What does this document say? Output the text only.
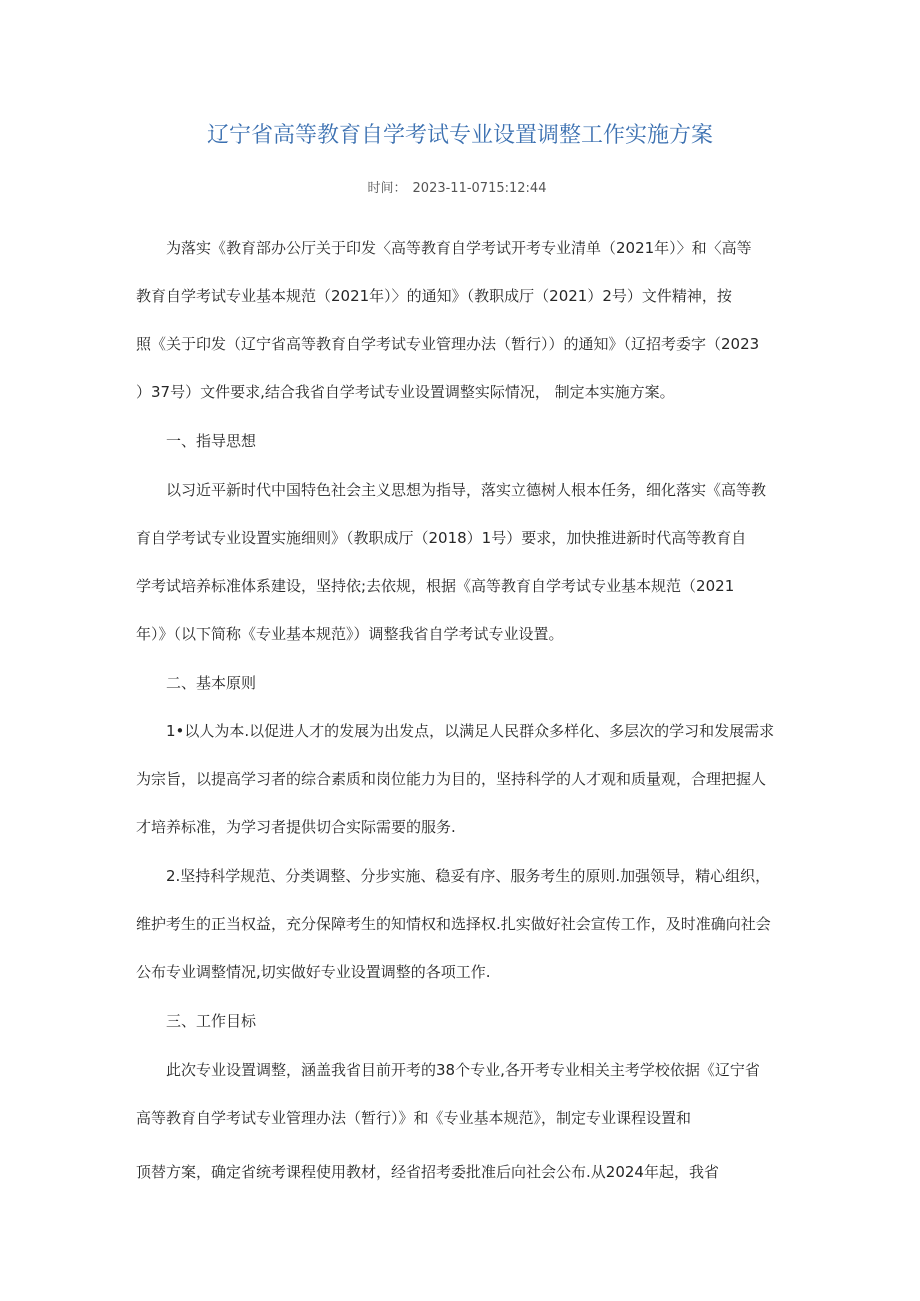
辽宁省高等教育自学考试专业设置调整工作实施方案
时间： 2023-11-0715:12:44
为落实《教育部办公厅关于印发〈高等教育自学考试开考专业清单（2021年）〉和〈高等
教育自学考试专业基本规范（2021年）〉的通知》（教职成厅（2021）2号）文件精神，按
照《关于印发（辽宁省高等教育自学考试专业管理办法（暂行））的通知》（辽招考委字（2023
）37号）文件要求,结合我省自学考试专业设置调整实际情况， 制定本实施方案。
一、指导思想
以习近平新时代中国特色社会主义思想为指导，落实立德树人根本任务，细化落实《高等教
育自学考试专业设置实施细则》（教职成厅（2018）1号）要求，加快推进新时代高等教育自
学考试培养标准体系建设，坚持依;去依规，根据《高等教育自学考试专业基本规范（2021
年）》（以下简称《专业基本规范》）调整我省自学考试专业设置。
二、基本原则
1•以人为本.以促进人才的发展为出发点，以满足人民群众多样化、多层次的学习和发展需求
为宗旨，以提高学习者的综合素质和岗位能力为目的，坚持科学的人才观和质量观，合理把握人
才培养标准，为学习者提供切合实际需要的服务.
2.坚持科学规范、分类调整、分步实施、稳妥有序、服务考生的原则.加强领导，精心组织，
维护考生的正当权益，充分保障考生的知情权和选择权.扎实做好社会宣传工作，及时准确向社会
公布专业调整情况,切实做好专业设置调整的各项工作.
三、工作目标
此次专业设置调整，涵盖我省目前开考的38个专业,各开考专业相关主考学校依据《辽宁省
高等教育自学考试专业管理办法（暂行）》和《专业基本规范》，制定专业课程设置和
顶替方案，确定省统考课程使用教材，经省招考委批准后向社会公布.从2024年起，我省
